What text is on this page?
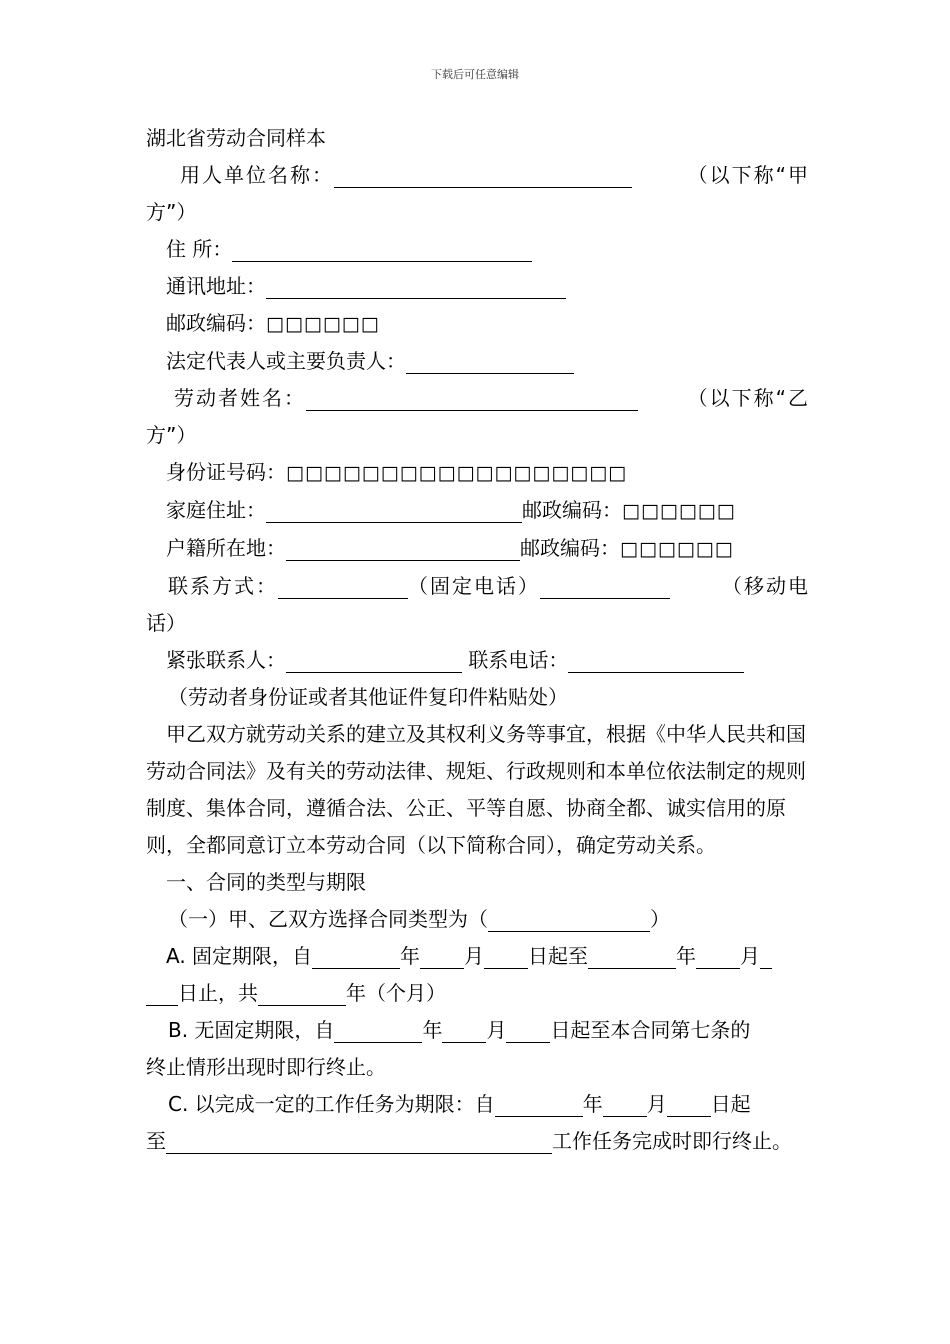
下载后可任意编辑
湖北省劳动合同样本
用人单位名称：	（以下称“甲
方”）
住 所：
通讯地址：
邮政编码：□□□□□□
法定代表人或主要负责人：
劳动者姓名：	（以下称“乙
方”）
身份证号码：□□□□□□□□□□□□□□□□□□
家庭住址：	邮政编码：□□□□□□
户籍所在地：	邮政编码：□□□□□□
联系方式：	（固定电话）	（移动电
话）
紧张联系人：	联系电话：
（劳动者身份证或者其他证件复印件粘贴处）
甲乙双方就劳动关系的建立及其权利义务等事宜，根据《中华人民共和国劳动合同法》及有关的劳动法律、规矩、行政规则和本单位依法制定的规则制度、集体合同，遵循合法、公正、平等自愿、协商全都、诚实信用的原则，全都同意订立本劳动合同（以下简称合同），确定劳动关系。
一、合同的类型与期限
（一）甲、乙双方选择合同类型为（	）
A. 固定期限，自	年 月 日起至	年 月
日止，共	年（个月）
B. 无固定期限，自	年 月 日起至本合同第七条的
终止情形出现时即行终止。
C. 以完成一定的工作任务为期限：自	年 月 日起
至	工作任务完成时即行终止。
